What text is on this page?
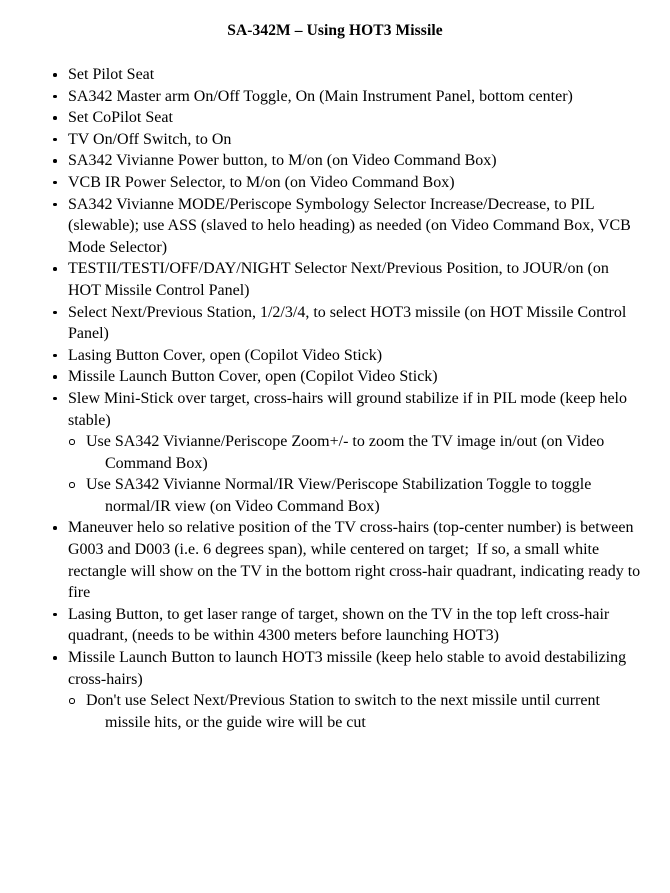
SA-342M – Using HOT3 Missile
Set Pilot Seat
SA342 Master arm On/Off Toggle, On (Main Instrument Panel, bottom center)
Set CoPilot Seat
TV On/Off Switch, to On
SA342 Vivianne Power button, to M/on (on Video Command Box)
VCB IR Power Selector, to M/on (on Video Command Box)
SA342 Vivianne MODE/Periscope Symbology Selector Increase/Decrease, to PIL (slewable); use ASS (slaved to helo heading) as needed (on Video Command Box, VCB Mode Selector)
TESTII/TESTI/OFF/DAY/NIGHT Selector Next/Previous Position, to JOUR/on (on HOT Missile Control Panel)
Select Next/Previous Station, 1/2/3/4, to select HOT3 missile (on HOT Missile Control Panel)
Lasing Button Cover, open (Copilot Video Stick)
Missile Launch Button Cover, open (Copilot Video Stick)
Slew Mini-Stick over target, cross-hairs will ground stabilize if in PIL mode (keep helo stable)
Use SA342 Vivianne/Periscope Zoom+/- to zoom the TV image in/out (on Video Command Box)
Use SA342 Vivianne Normal/IR View/Periscope Stabilization Toggle to toggle normal/IR view (on Video Command Box)
Maneuver helo so relative position of the TV cross-hairs (top-center number) is between G003 and D003 (i.e. 6 degrees span), while centered on target;  If so, a small white rectangle will show on the TV in the bottom right cross-hair quadrant, indicating ready to fire
Lasing Button, to get laser range of target, shown on the TV in the top left cross-hair quadrant, (needs to be within 4300 meters before launching HOT3)
Missile Launch Button to launch HOT3 missile (keep helo stable to avoid destabilizing cross-hairs)
Don't use Select Next/Previous Station to switch to the next missile until current missile hits, or the guide wire will be cut
